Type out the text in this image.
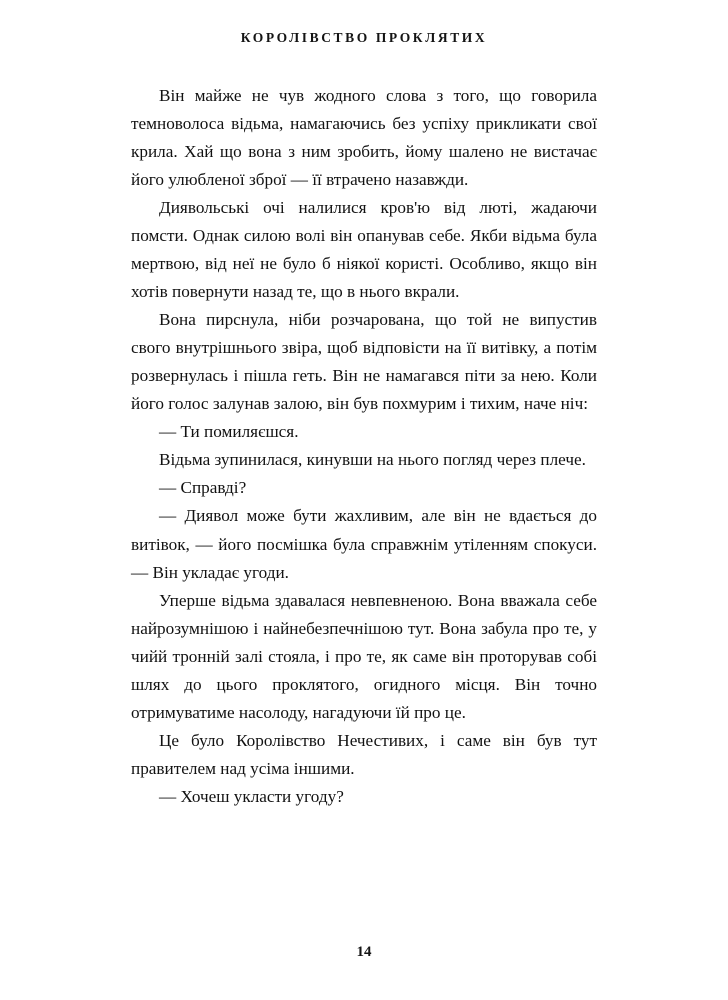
КОРОЛІВСТВО ПРОКЛЯТИХ

Він майже не чув жодного слова з того, що говорила темноволоса відьма, намагаючись без успіху прикликати свої крила. Хай що вона з ним зробить, йому шалено не вистачає його улюбленої зброї — її втрачено назавжди.

Диявольські очі налилися кров'ю від люті, жадаючи помсти. Однак силою волі він опанував себе. Якби відьма була мертвою, від неї не було б ніякої користі. Особливо, якщо він хотів повернути назад те, що в нього вкрали.

Вона пирснула, ніби розчарована, що той не випустив свого внутрішнього звіра, щоб відповісти на її витівку, а потім розвернулась і пішла геть. Він не намагався піти за нею. Коли його голос залунав залою, він був похмурим і тихим, наче ніч:

— Ти помиляєшся.

Відьма зупинилася, кинувши на нього погляд через плече.

— Справді?

— Диявол може бути жахливим, але він не вдається до витівок, — його посмішка була справжнім утіленням спокуси. — Він укладає угоди.

Уперше відьма здавалася невпевненою. Вона вважала себе найрозумнішою і найнебезпечнішою тут. Вона забула про те, у чийй тронній залі стояла, і про те, як саме він проторував собі шлях до цього проклятого, огидного місця. Він точно отримуватиме насолоду, нагадуючи їй про це.

Це було Королівство Нечестивих, і саме він був тут правителем над усіма іншими.

— Хочеш укласти угоду?

14
